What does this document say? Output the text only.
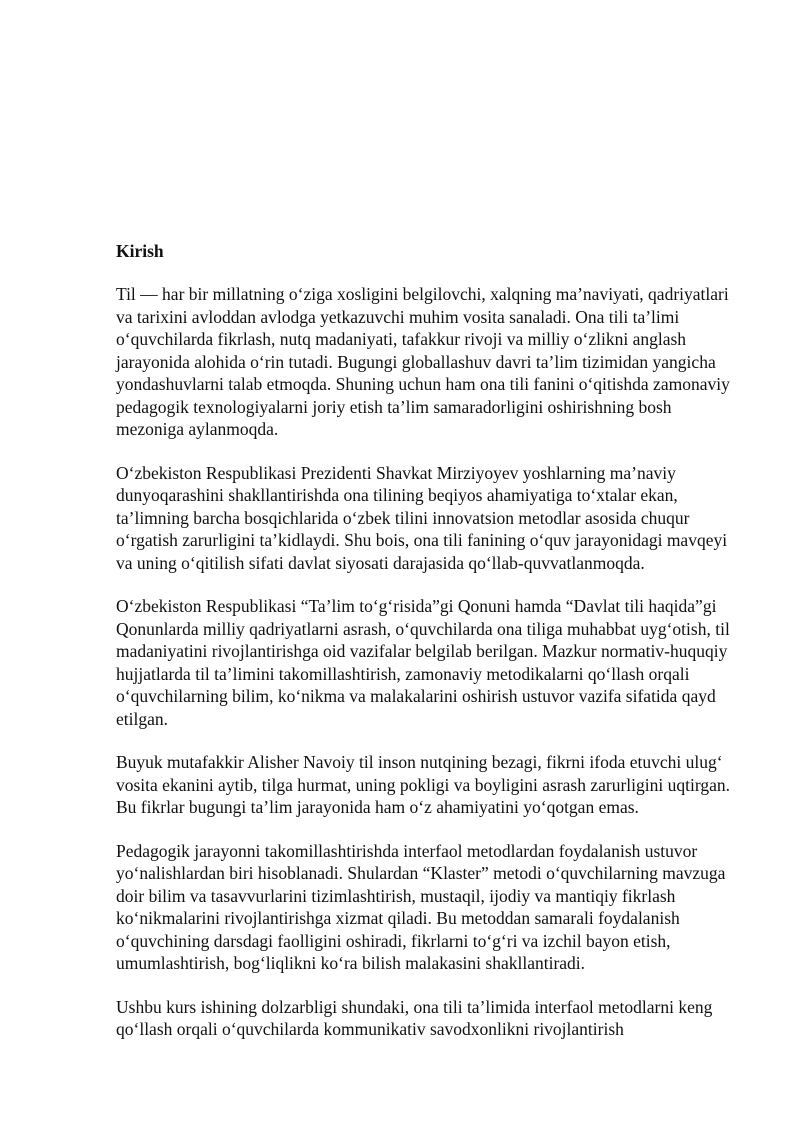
Kirish

Til — har bir millatning o‘ziga xosligini belgilovchi, xalqning ma’naviyati, qadriyatlari va tarixini avloddan avlodga yetkazuvchi muhim vosita sanaladi. Ona tili ta’limi o‘quvchilarda fikrlash, nutq madaniyati, tafakkur rivoji va milliy o‘zlikni anglash jarayonida alohida o‘rin tutadi. Bugungi globallashuv davri ta’lim tizimidan yangicha yondashuvlarni talab etmoqda. Shuning uchun ham ona tili fanini o‘qitishda zamonaviy pedagogik texnologiyalarni joriy etish ta’lim samaradorligini oshirishning bosh mezoniga aylanmoqda.

O‘zbekiston Respublikasi Prezidenti Shavkat Mirziyoyev yoshlarning ma’naviy dunyoqarashini shakllantirishda ona tilining beqiyos ahamiyatiga to‘xtalar ekan, ta’limning barcha bosqichlarida o‘zbek tilini innovatsion metodlar asosida chuqur o‘rgatish zarurligini ta’kidlaydi. Shu bois, ona tili fanining o‘quv jarayonidagi mavqeyi va uning o‘qitilish sifati davlat siyosati darajasida qo‘llab-quvvatlanmoqda.

O‘zbekiston Respublikasi “Ta’lim to‘g‘risida”gi Qonuni hamda “Davlat tili haqida”gi Qonunlarda milliy qadriyatlarni asrash, o‘quvchilarda ona tiliga muhabbat uyg‘otish, til madaniyatini rivojlantirishga oid vazifalar belgilab berilgan. Mazkur normativ-huquqiy hujjatlarda til ta’limini takomillashtirish, zamonaviy metodikalarni qo‘llash orqali o‘quvchilarning bilim, ko‘nikma va malakalarini oshirish ustuvor vazifa sifatida qayd etilgan.

Buyuk mutafakkir Alisher Navoiy til inson nutqining bezagi, fikrni ifoda etuvchi ulug‘ vosita ekanini aytib, tilga hurmat, uning pokligi va boyligini asrash zarurligini uqtirgan. Bu fikrlar bugungi ta’lim jarayonida ham o‘z ahamiyatini yo‘qotgan emas.

Pedagogik jarayonni takomillashtirishda interfaol metodlardan foydalanish ustuvor yo‘nalishlardan biri hisoblanadi. Shulardan “Klaster” metodi o‘quvchilarning mavzuga doir bilim va tasavvurlarini tizimlashtirish, mustaqil, ijodiy va mantiqiy fikrlash ko‘nikmalarini rivojlantirishga xizmat qiladi. Bu metoddan samarali foydalanish o‘quvchining darsdagi faolligini oshiradi, fikrlarni to‘g‘ri va izchil bayon etish, umumlashtirish, bog‘liqlikni ko‘ra bilish malakasini shakllantiradi.

Ushbu kurs ishining dolzarbligi shundaki, ona tili ta’limida interfaol metodlarni keng qo‘llash orqali o‘quvchilarda kommunikativ savodxonlikni rivojlantirish
